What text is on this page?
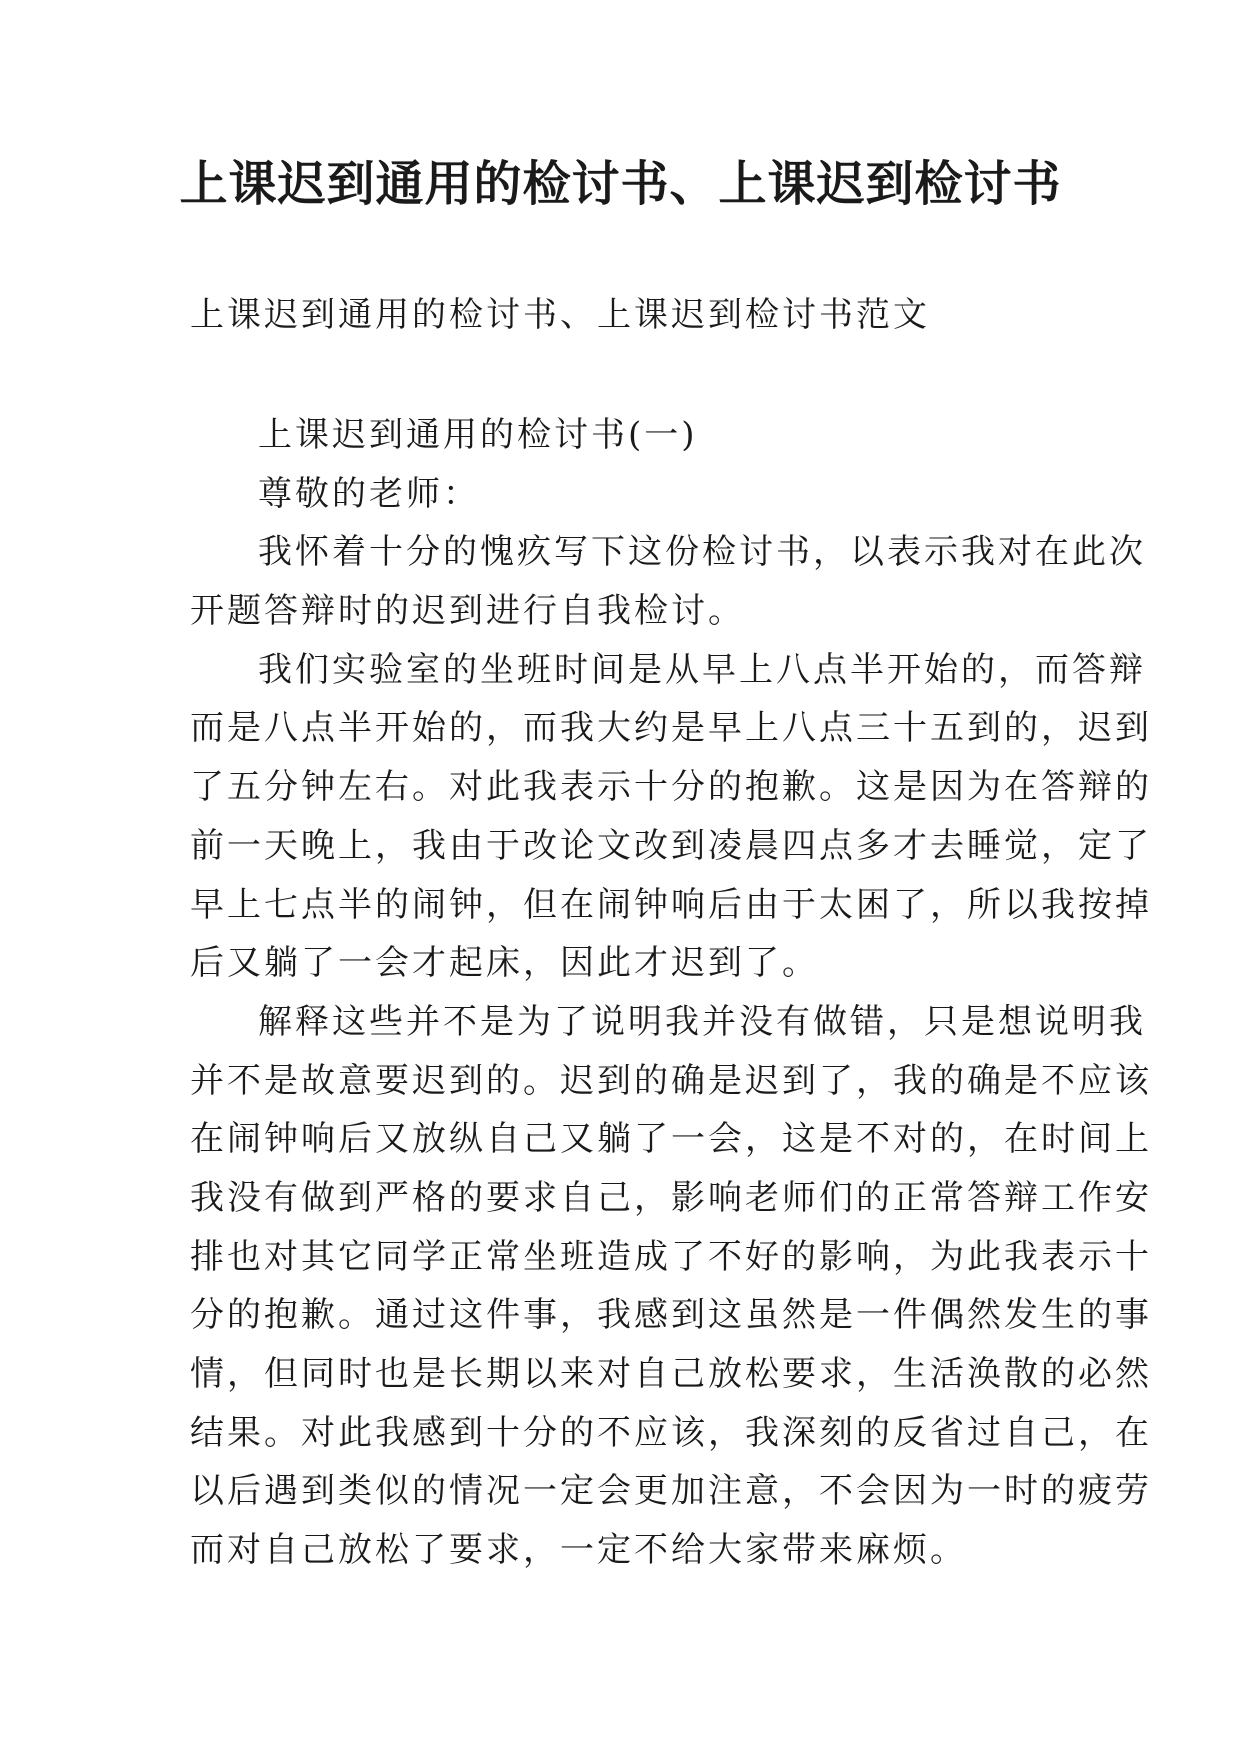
上课迟到通用的检讨书、上课迟到检讨书

上课迟到通用的检讨书、上课迟到检讨书范文

上课迟到通用的检讨书(一)

尊敬的老师：

我怀着十分的愧疚写下这份检讨书，以表示我对在此次

开题答辩时的迟到进行自我检讨。

我们实验室的坐班时间是从早上八点半开始的，而答辩

而是八点半开始的，而我大约是早上八点三十五到的，迟到

了五分钟左右。对此我表示十分的抱歉。这是因为在答辩的

前一天晚上，我由于改论文改到凌晨四点多才去睡觉，定了

早上七点半的闹钟，但在闹钟响后由于太困了，所以我按掉

后又躺了一会才起床，因此才迟到了。

解释这些并不是为了说明我并没有做错，只是想说明我

并不是故意要迟到的。迟到的确是迟到了，我的确是不应该

在闹钟响后又放纵自己又躺了一会，这是不对的，在时间上

我没有做到严格的要求自己，影响老师们的正常答辩工作安

排也对其它同学正常坐班造成了不好的影响，为此我表示十

分的抱歉。通过这件事，我感到这虽然是一件偶然发生的事

情，但同时也是长期以来对自己放松要求，生活涣散的必然

结果。对此我感到十分的不应该，我深刻的反省过自己，在

以后遇到类似的情况一定会更加注意，不会因为一时的疲劳

而对自己放松了要求，一定不给大家带来麻烦。
